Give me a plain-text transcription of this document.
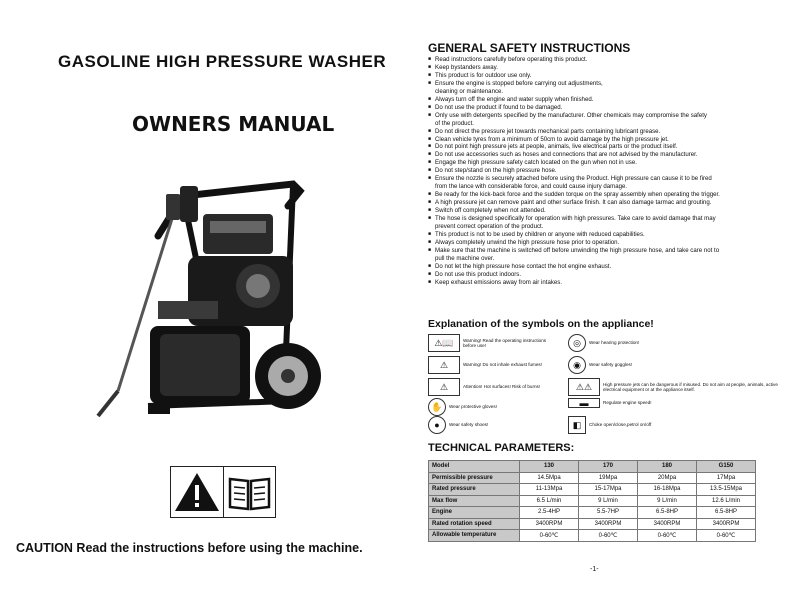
GASOLINE HIGH PRESSURE WASHER
OWNERS MANUAL
CAUTION Read the instructions before using the machine.
GENERAL SAFETY INSTRUCTIONS
■ Read instructions carefully before operating this product.
■ Keep bystanders away.
■ This product is for outdoor use only.
■ Ensure the engine is stopped before carrying out adjustments,
cleaning or maintenance.
■ Always turn off the engine and water supply when finished.
■ Do not use the product if found to be damaged.
■ Only use with detergents specified by the manufacturer. Other chemicals may compromise the safety
of the product.
■ Do not direct the pressure jet towards mechanical parts containing lubricant grease.
■ Clean vehicle tyres from a minimum of 50cm to avoid damage by the high pressure jet.
■ Do not point high pressure jets at people, animals, live electrical parts or the product itself.
■ Do not use accessories such as hoses and connections that are not advised by the manufacturer.
■ Engage the high pressure safety catch located on the gun when not in use.
■ Do not step/stand on the high pressure hose.
■ Ensure the nozzle is securely attached before using the Product. High pressure can cause it to be fired
from the lance with considerable force, and could cause injury damage.
■ Be ready for the kick-back force and the sudden torque on the spray assembly when operating the trigger.
■ A high pressure jet can remove paint and other surface finish. It can also damage tarmac and grouting.
■ Switch off completely when not attended.
■ The hose is designed specifically for operation with high pressures. Take care to avoid damage that may
prevent correct operation of the product.
■ This product is not to be used by children or anyone with reduced capabilities.
■ Always completely unwind the high pressure hose prior to operation.
■ Make sure that the machine is switched off before unwinding the high pressure hose, and take care not to
pull the machine over.
■ Do not let the high pressure hose contact the hot engine exhaust.
■ Do not use this product indoors.
■ Keep exhaust emissions away from air intakes.
Explanation of the symbols on the appliance!
⚠📖	Warning! Read the operating instructions before use!	◎	Wear hearing protection!
⚠	Warning! Do not inhale exhaust fumes!	◉	Wear safety goggles!
⚠	Attention! Hot surfaces! Risk of burns!	⚠⚠	High pressure jets can be dangerous if misused. Do not aim at people, animals, active electrical equipment or at the appliance itself.
✋	Wear protective gloves!	▬	Regulate engine speed!
●	Wear safety shoes!	◧	Choke open/close,petrol on/off
TECHNICAL PARAMETERS:
Model	130	170	180	G150
Permissible pressure	14.5Mpa	19Mpa	20Mpa	17Mpa
Rated pressure	11-13Mpa	15-17Mpa	16-18Mpa	13.5-15Mpa
Max flow	6.5 L/min	9 L/min	9 L/min	12.6 L/min
Engine	2.5-4HP	5.5-7HP	6.5-8HP	6.5-8HP
Rated rotation speed	3400RPM	3400RPM	3400RPM	3400RPM
Allowable temperature	0-60℃	0-60℃	0-60℃	0-60℃
-1-
